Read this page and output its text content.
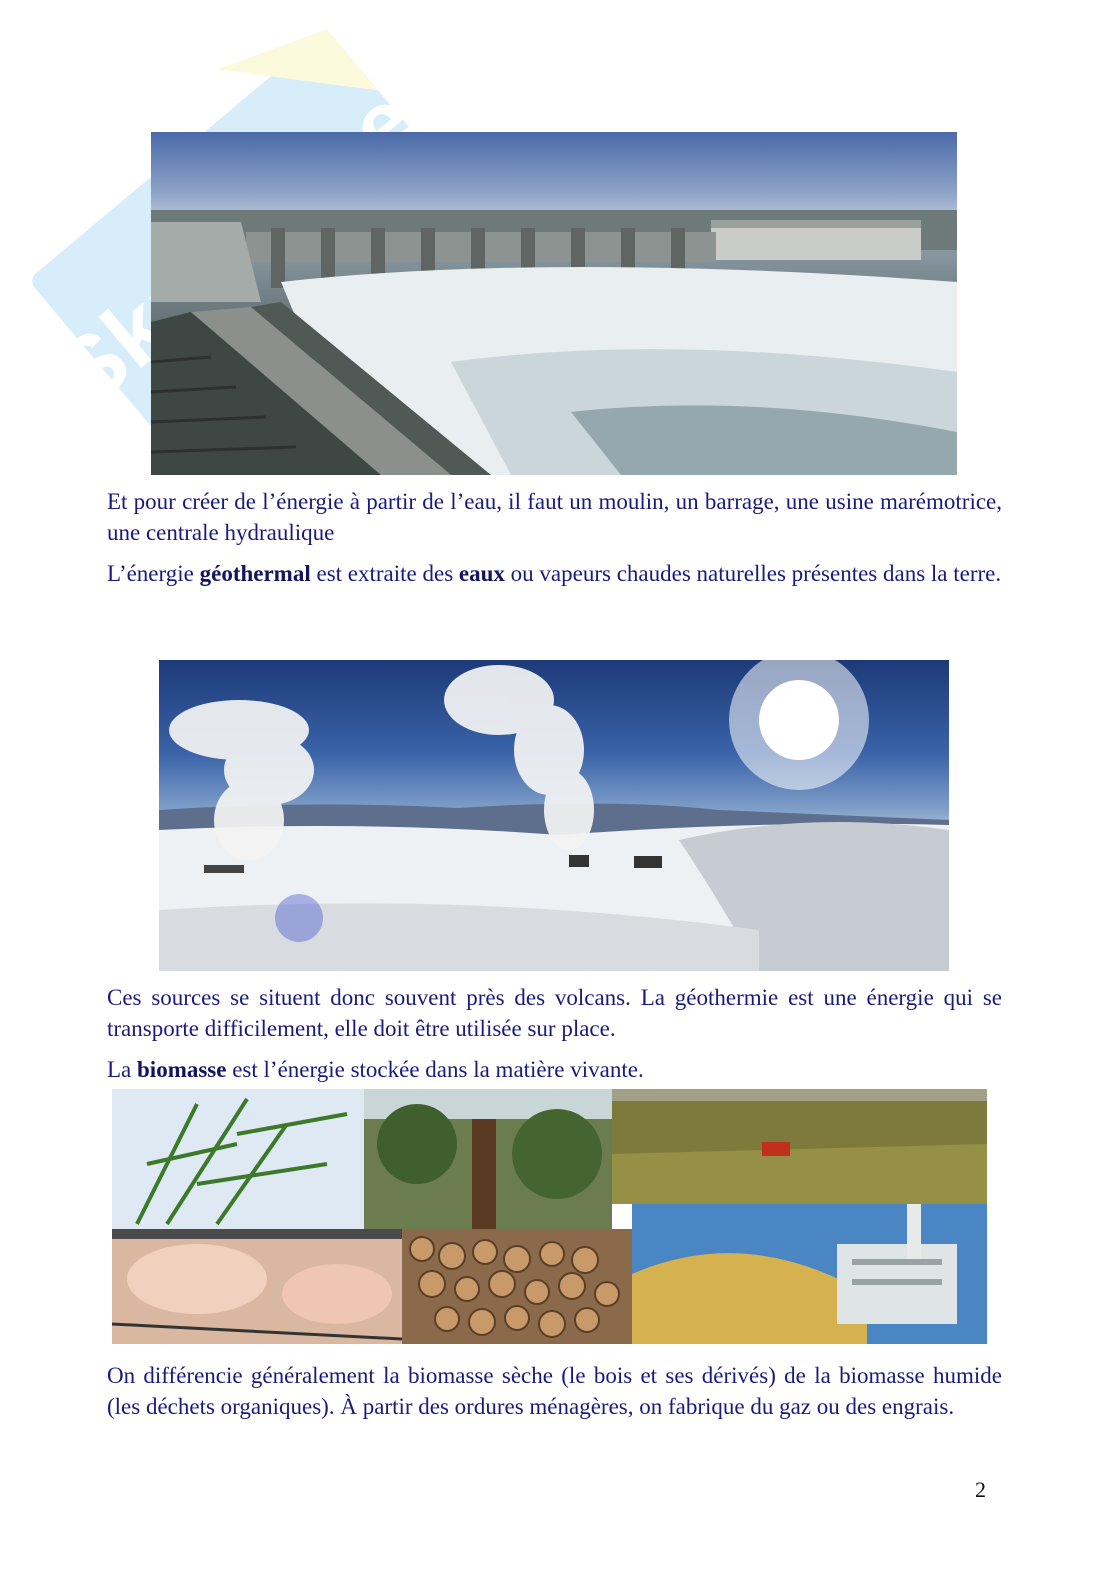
Et pour créer de l’énergie à partir de l’eau, il faut un moulin, un barrage, une usine marémotrice, une centrale hydraulique

L’énergie géothermal est extraite des eaux ou vapeurs chaudes naturelles présentes dans la terre.

Ces sources se situent donc souvent près des volcans. La géothermie est une énergie qui se transporte difficilement, elle doit être utilisée sur place.

La biomasse est l’énergie stockée dans la matière vivante.

On différencie généralement la biomasse sèche (le bois et ses dérivés) de la biomasse humide (les déchets organiques). À partir des ordures ménagères, on fabrique du gaz ou des engrais.

2
